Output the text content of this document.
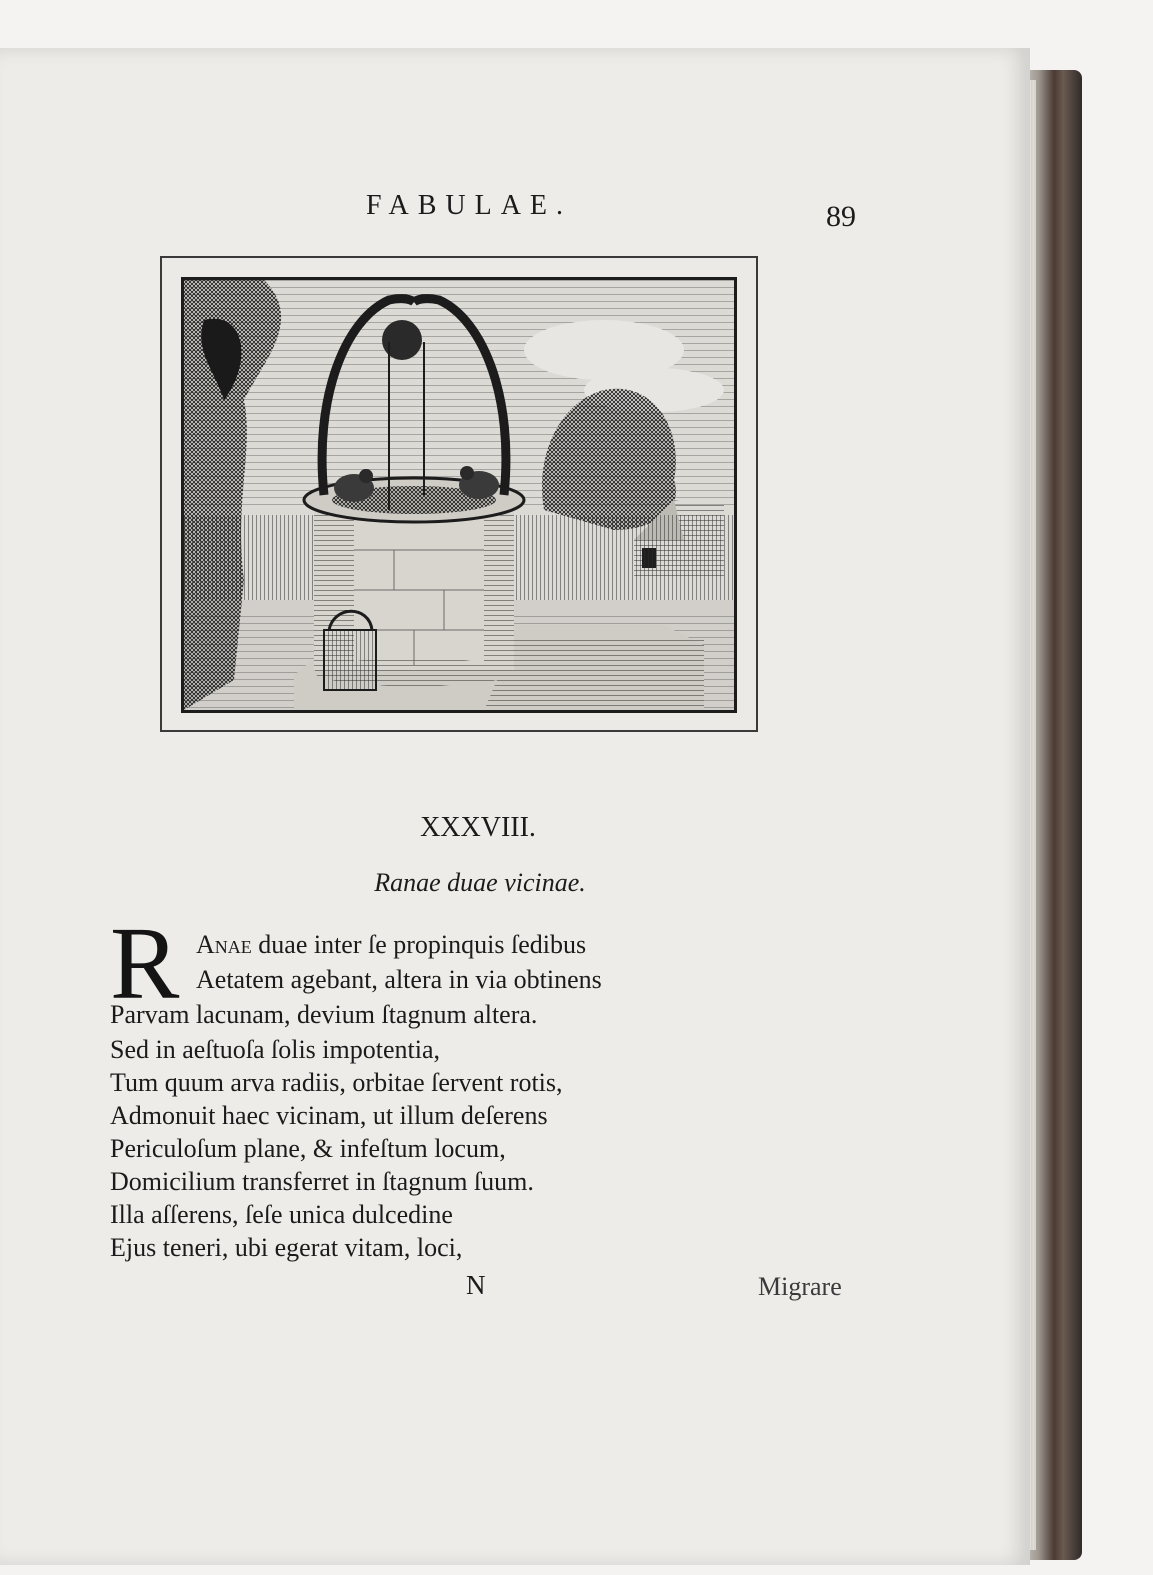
FABULAE.	89
XXXVIII.
Ranae duae vicinae.
R Anae duae inter ſe propinquis ſedibus
Aetatem agebant, altera in via obtinens
Parvam lacunam, devium ſtagnum altera.
Sed in aeſtuoſa ſolis impotentia,
Tum quum arva radiis, orbitae ſervent rotis,
Admonuit haec vicinam, ut illum deſerens
Periculoſum plane, & infeſtum locum,
Domicilium transferret in ſtagnum ſuum.
Illa aſſerens, ſeſe unica dulcedine
Ejus teneri, ubi egerat vitam, loci,
N	Migrare
